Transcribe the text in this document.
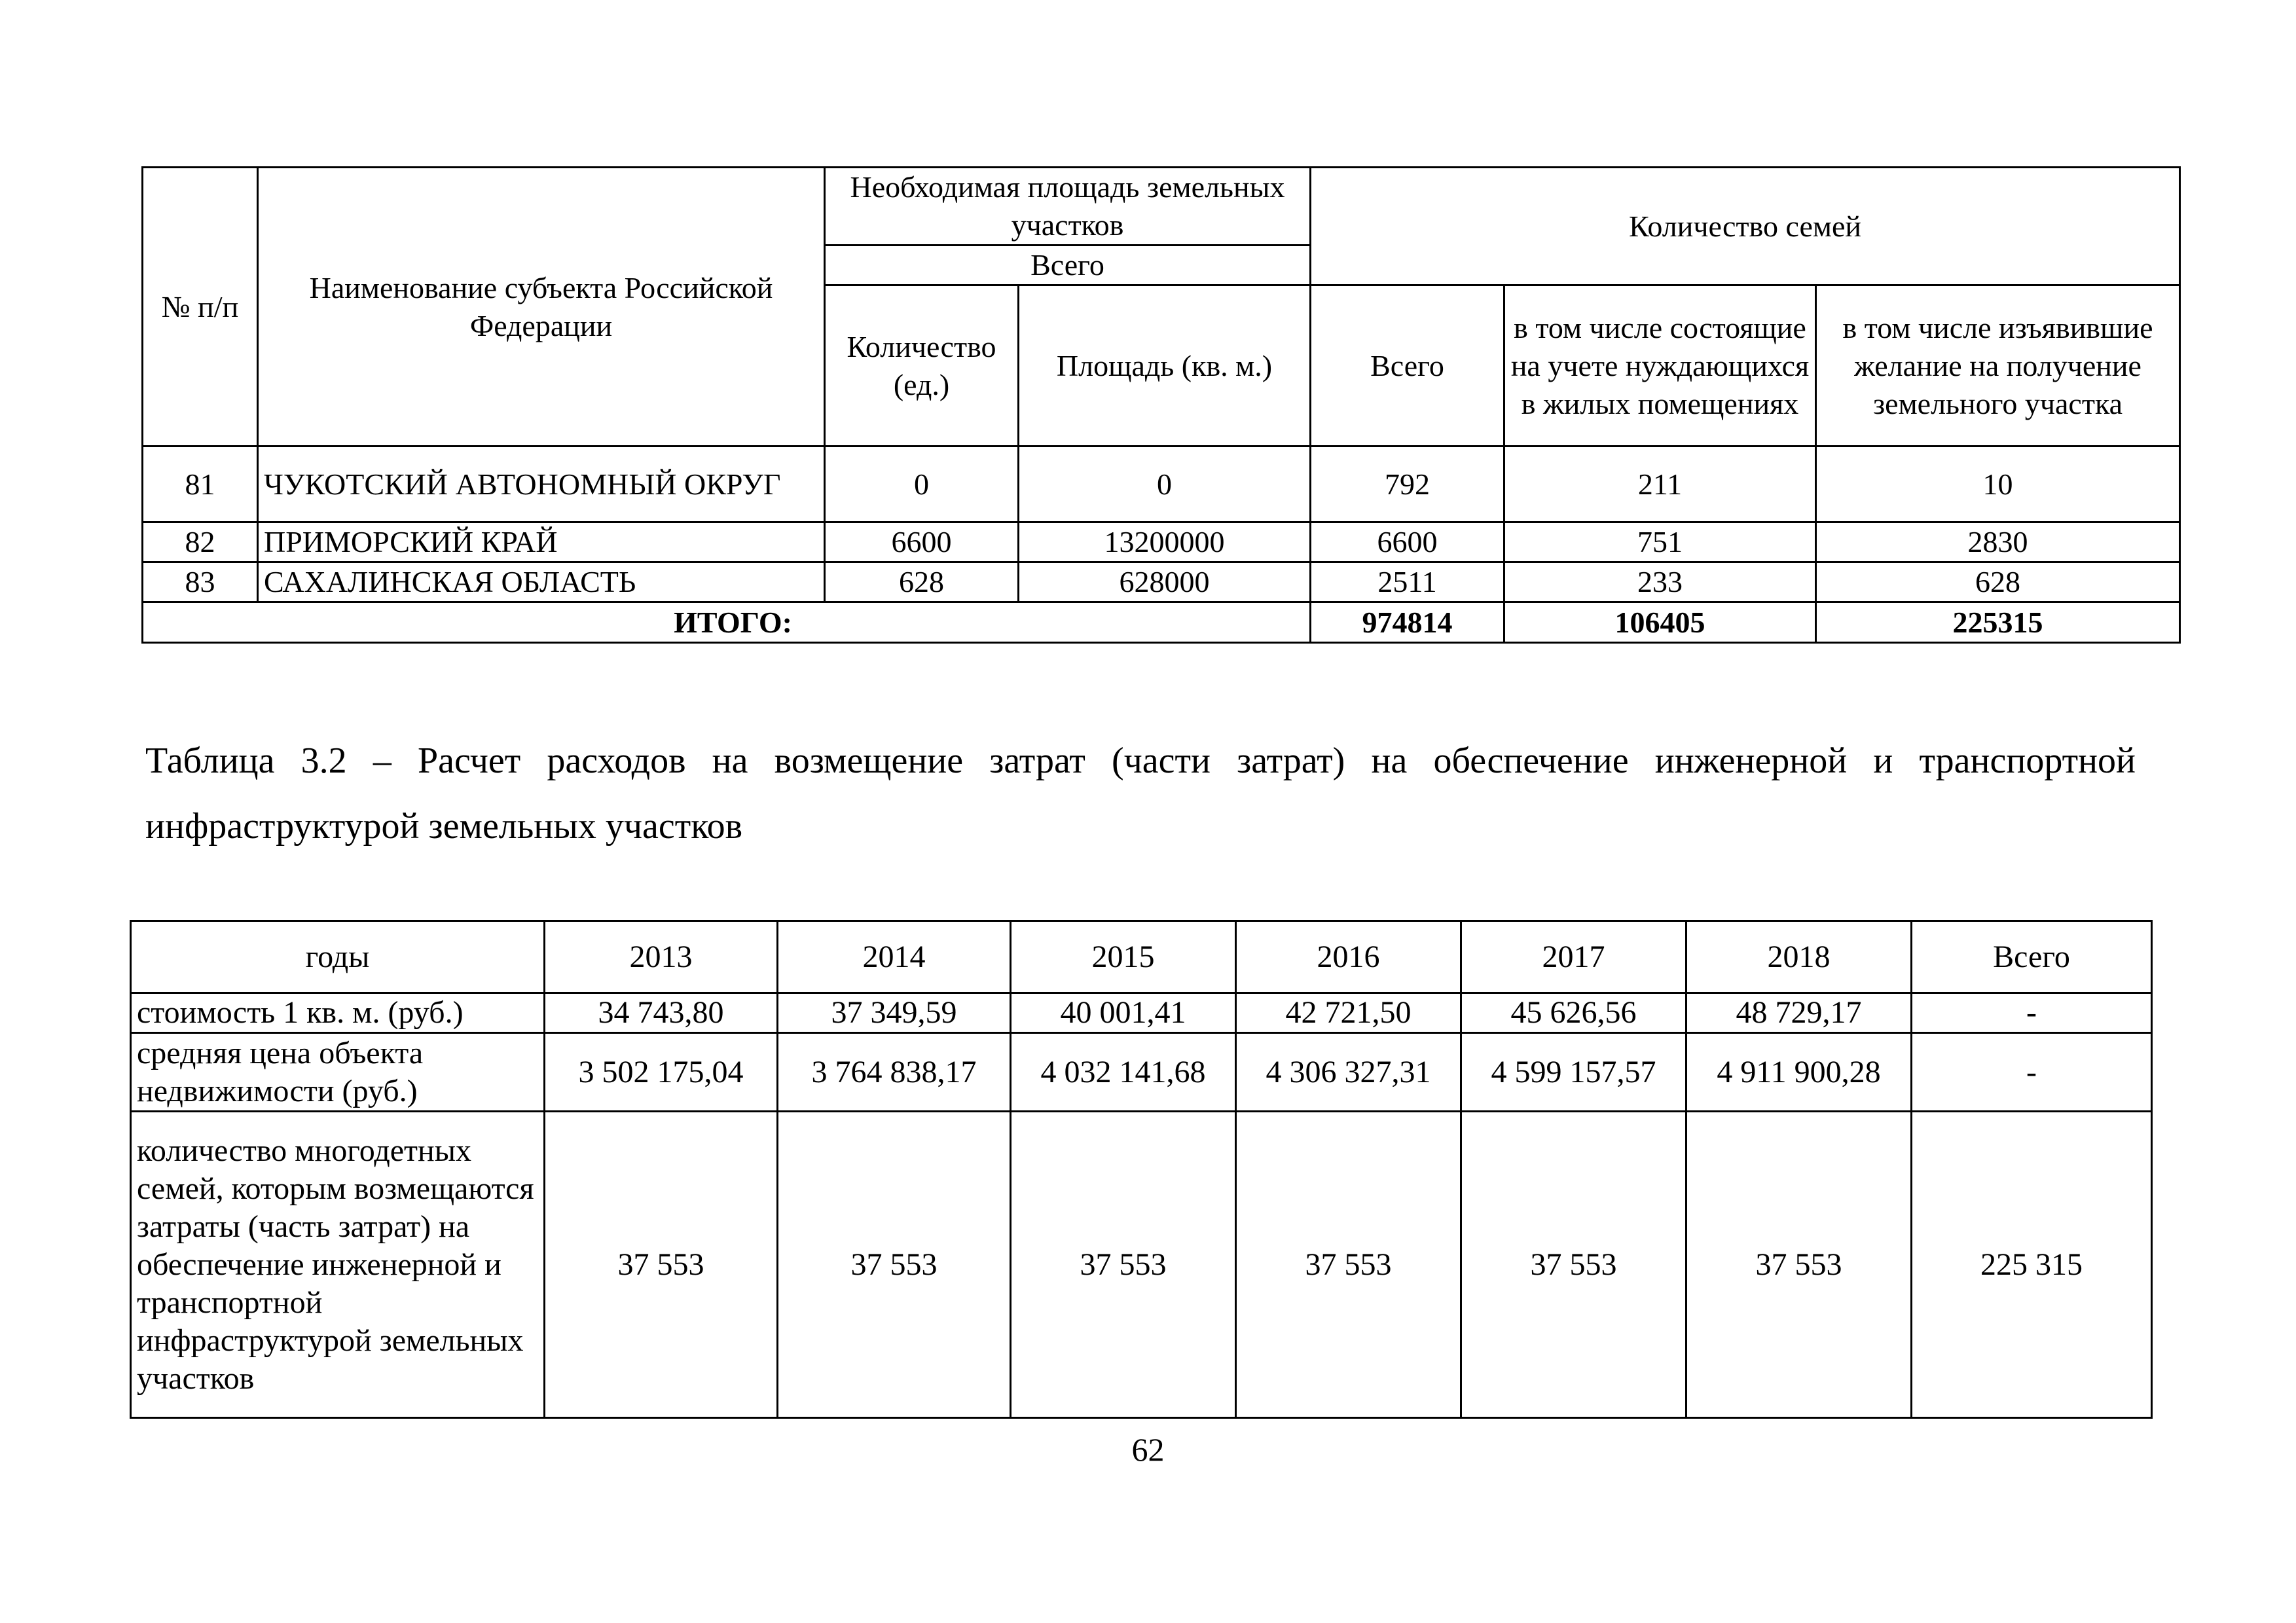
№ п/п	Наименование субъекта Российской Федерации	Необходимая площадь земельных участков		Количество семей		
		Всего				
		Количество (ед.)	Площадь (кв. м.)	Всего	в том числе состоящие на учете нуждающихся в жилых помещениях	в том числе изъявившие желание на получение земельного участка
81	ЧУКОТСКИЙ АВТОНОМНЫЙ ОКРУГ	0	0	792	211	10
82	ПРИМОРСКИЙ КРАЙ	6600	13200000	6600	751	2830
83	САХАЛИНСКАЯ ОБЛАСТЬ	628	628000	2511	233	628
ИТОГО:				974814	106405	225315
Таблица 3.2 – Расчет расходов на возмещение затрат (части затрат) на обеспечение инженерной и транспортной инфраструктурой земельных участков
годы	2013	2014	2015	2016	2017	2018	Всего
стоимость 1 кв. м. (руб.)	34 743,80	37 349,59	40 001,41	42 721,50	45 626,56	48 729,17	-
средняя цена объекта недвижимости (руб.)	3 502 175,04	3 764 838,17	4 032 141,68	4 306 327,31	4 599 157,57	4 911 900,28	-
количество многодетных семей, которым возмещаются затраты (часть затрат) на обеспечение инженерной и транспортной инфраструктурой земельных участков	37 553	37 553	37 553	37 553	37 553	37 553	225 315
62
